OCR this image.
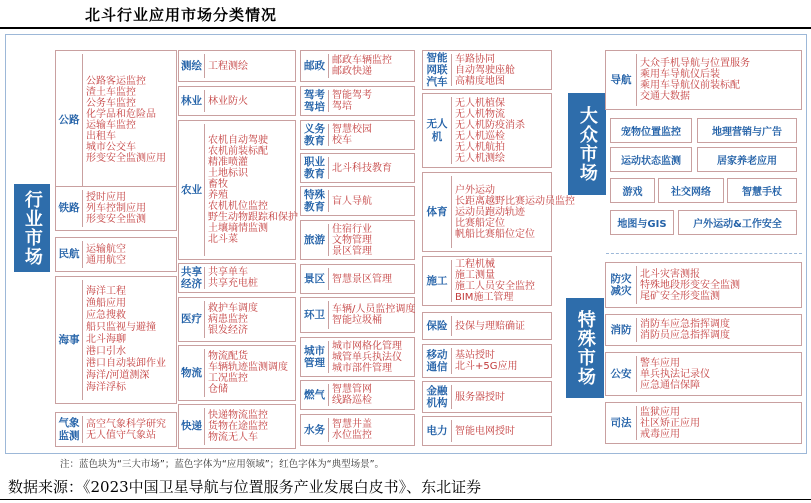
北斗行业应用市场分类情况
行业市场
大众市场
特殊市场
公路
公路客运监控
渣土车监控
公务车监控
化学品和危险品
运输车监控
出租车
城市公交车
形变安全监测应用
铁路
授时应用
列车控制应用
形变安全监测
民航 运输航空
通用航空
海事
海洋工程
渔船应用
应急搜救
船只监视与避撞
北斗海聊
港口引水
港口自动装卸作业
海洋/河道测深
海洋浮标
气象监测
高空气象科学研究
无人值守气象站
测绘 工程测绘
林业 林业防火
农业
农机自动驾驶
农机前装标配
精准喷灌
土地标识
畜牧
养殖
农机机位监控
野生动物跟踪和保护
土壤墒情监测
北斗菜
共享经济
共享单车
共享充电桩
医疗
救护车调度
病患监控
银发经济
物流
物流配货
车辆轨迹监测调度
工况监控
仓储
快递
快递物流监控
货物在途监控
物流无人车
邮政 邮政车辆监控
邮政快递
驾考驾培
智能驾考
驾培
义务教育
智慧校园
校车
职业教育 北斗科技教育
特殊教育 盲人导航
旅游
住宿行业
文物管理
景区管理
景区 智慧景区管理
环卫 车辆/人员监控调度
智能垃圾桶
城市管理
城市网格化管理
城管单兵执法仪
城市部件管理
燃气 智慧管网
线路巡检
水务 智慧井盖
水位监控
智能网联汽车
车路协同
自动驾驶座舱
高精度地图
无人机
无人机植保
无人机物流
无人机防疫消杀
无人机巡检
无人机航拍
无人机测绘
体育
户外运动
长距离越野比赛运动员监控
运动员跑动轨迹
比赛船定位
帆船比赛船位定位
施工
工程机械
施工测量
施工人员安全监控
BIM施工管理
保险 投保与理赔确证
移动通信
基站授时
北斗+5G应用
金融机构 服务器授时
电力 智能电网授时
导航
大众手机导航与位置服务
乘用车导航仪后装
乘用车导航仪前装标配
交通大数据
宠物位置监控	地理营销与广告
运动状态监测	居家养老应用
游戏	社交网络	智慧手杖
地图与GIS	户外运动&工作安全
防灾减灾
北斗灾害测报
特殊地段形变安全监测
尾矿安全形变监测
消防 消防车应急指挥调度
消防员应急指挥调度
公安
警车应用
单兵执法记录仪
应急通信保障
司法
监狱应用
社区矫正应用
戒毒应用
注：蓝色块为“三大市场”；蓝色字体为“应用领域”；红色字体为“典型场景”。
数据来源：《2023中国卫星导航与位置服务产业发展白皮书》、东北证券
